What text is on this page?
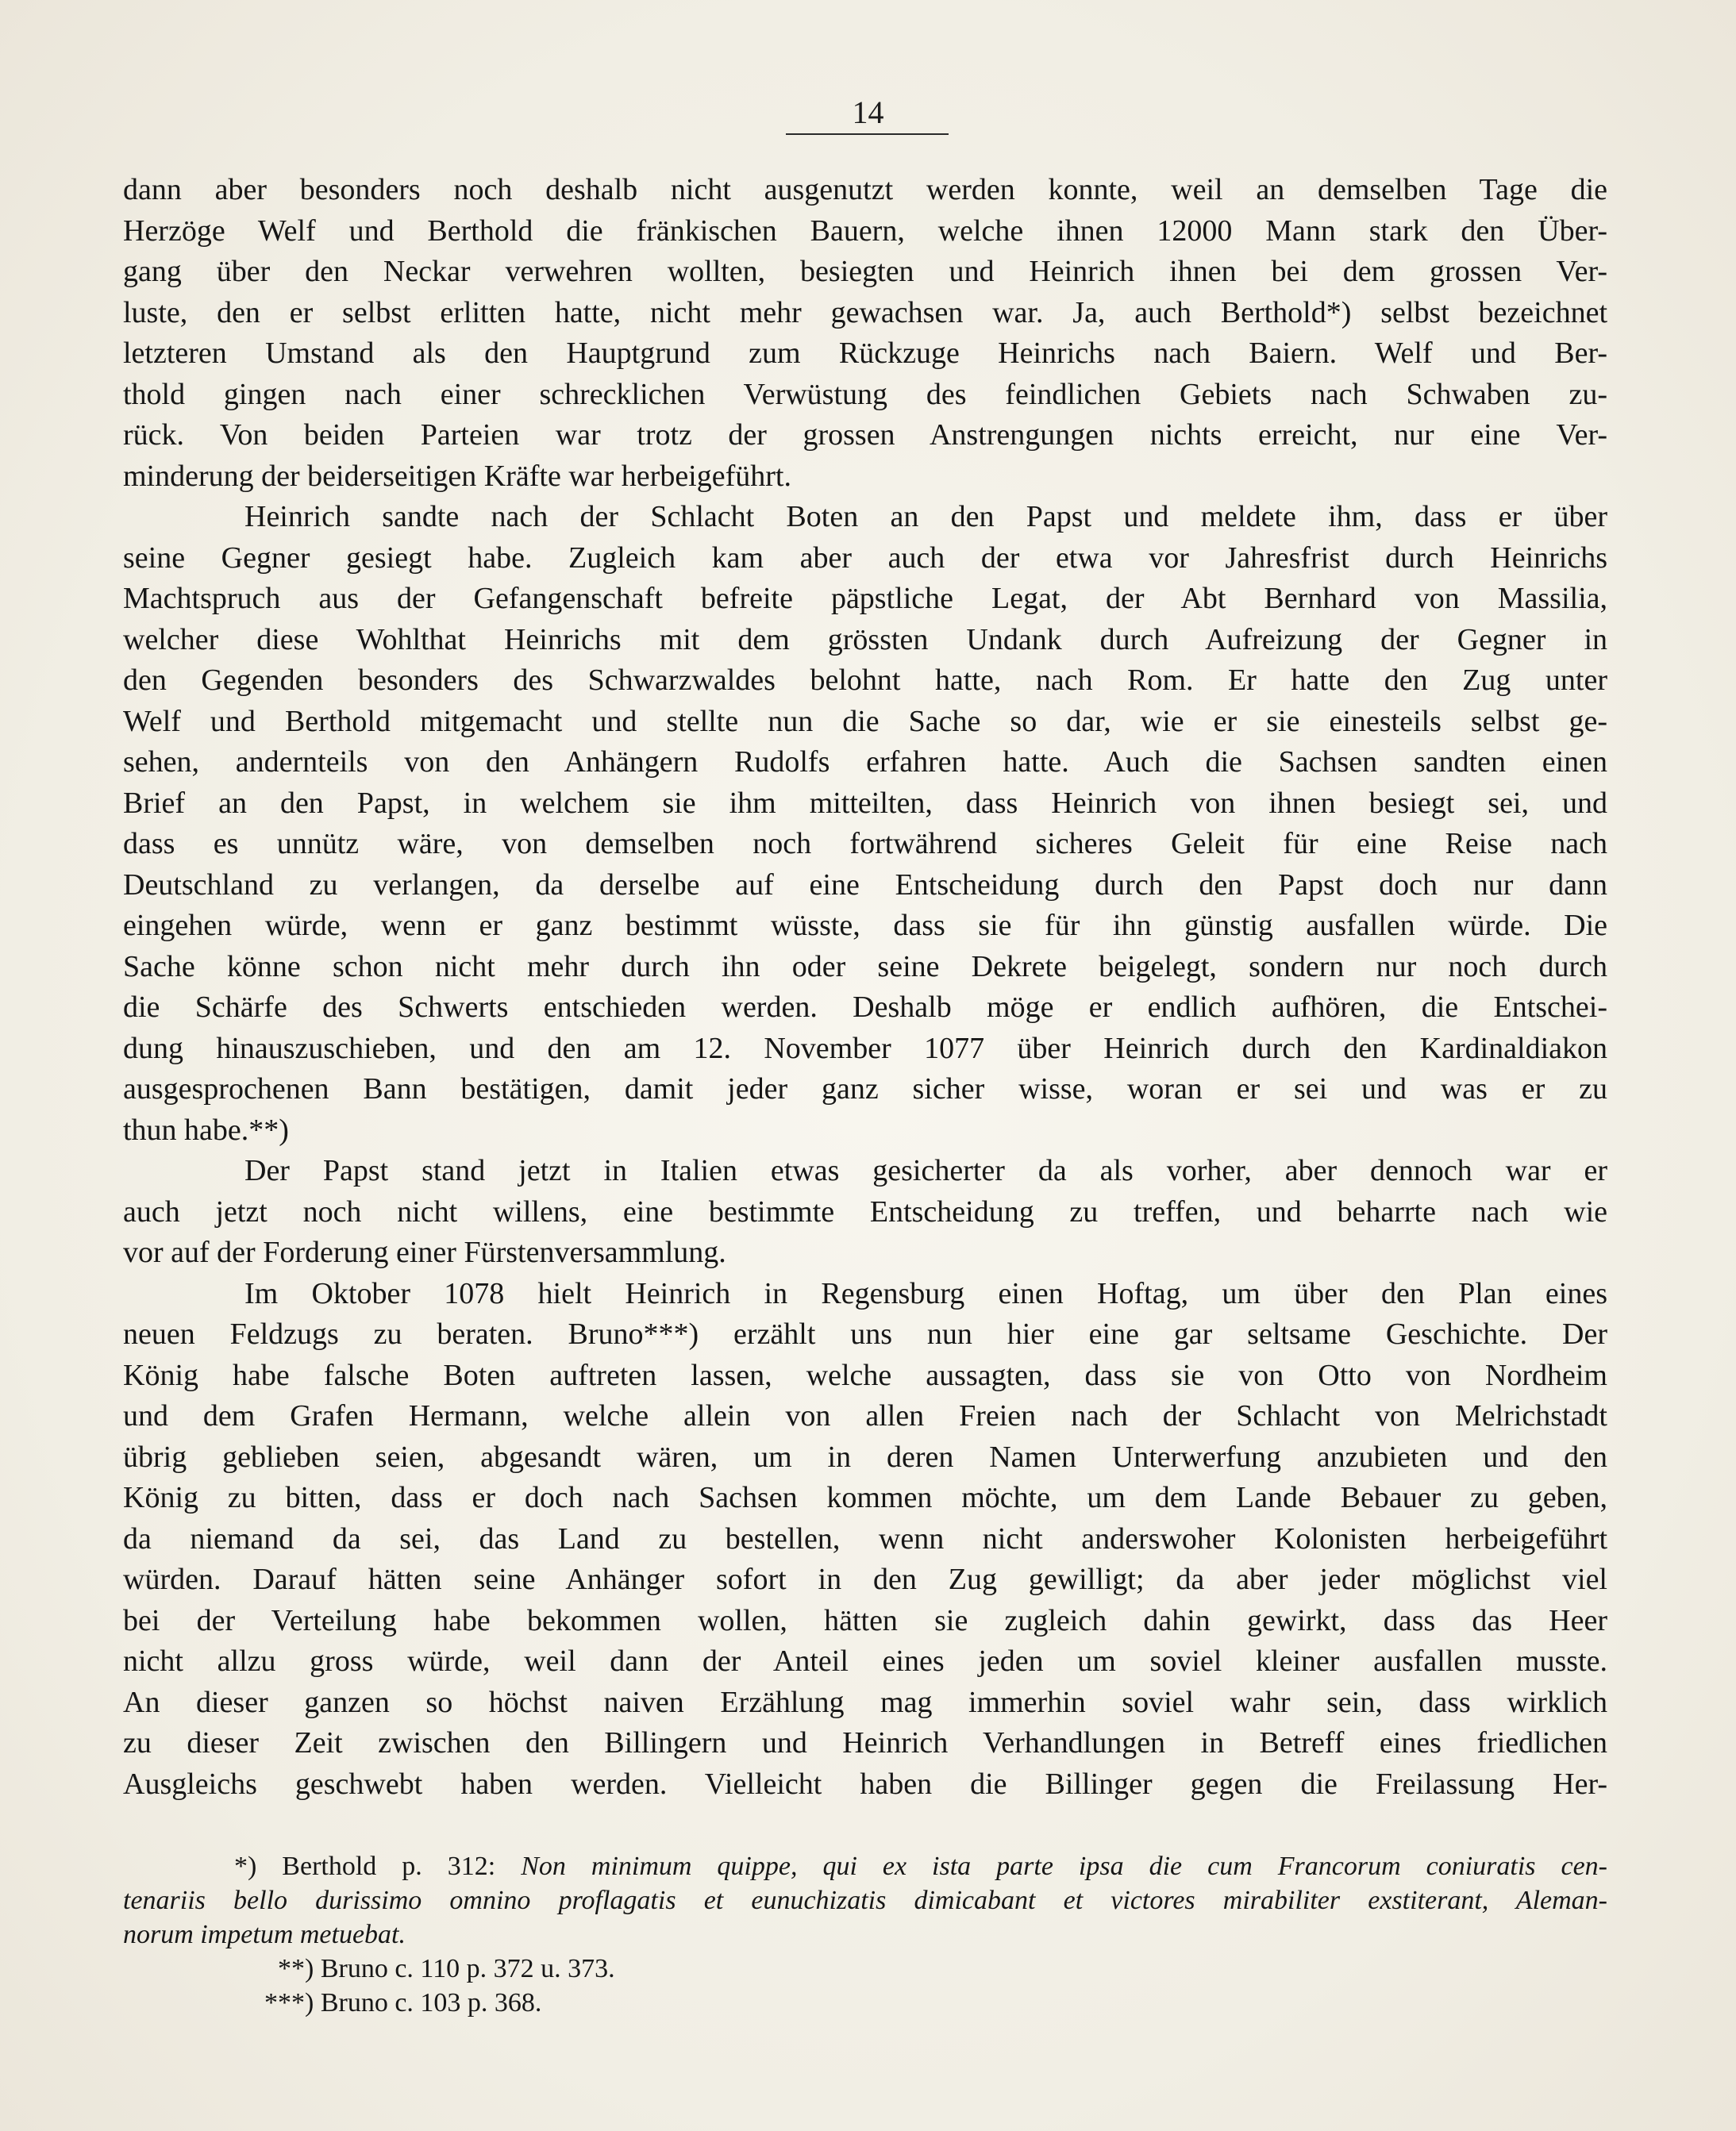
14
dann aber besonders noch deshalb nicht ausgenutzt werden konnte, weil an demselben Tage die
Herzöge Welf und Berthold die fränkischen Bauern, welche ihnen 12000 Mann stark den Über-
gang über den Neckar verwehren wollten, besiegten und Heinrich ihnen bei dem grossen Ver-
luste, den er selbst erlitten hatte, nicht mehr gewachsen war. Ja, auch Berthold*) selbst bezeichnet
letzteren Umstand als den Hauptgrund zum Rückzuge Heinrichs nach Baiern. Welf und Ber-
thold gingen nach einer schrecklichen Verwüstung des feindlichen Gebiets nach Schwaben zu-
rück. Von beiden Parteien war trotz der grossen Anstrengungen nichts erreicht, nur eine Ver-
minderung der beiderseitigen Kräfte war herbeigeführt.
Heinrich sandte nach der Schlacht Boten an den Papst und meldete ihm, dass er über
seine Gegner gesiegt habe. Zugleich kam aber auch der etwa vor Jahresfrist durch Heinrichs
Machtspruch aus der Gefangenschaft befreite päpstliche Legat, der Abt Bernhard von Massilia,
welcher diese Wohlthat Heinrichs mit dem grössten Undank durch Aufreizung der Gegner in
den Gegenden besonders des Schwarzwaldes belohnt hatte, nach Rom. Er hatte den Zug unter
Welf und Berthold mitgemacht und stellte nun die Sache so dar, wie er sie einesteils selbst ge-
sehen, andernteils von den Anhängern Rudolfs erfahren hatte. Auch die Sachsen sandten einen
Brief an den Papst, in welchem sie ihm mitteilten, dass Heinrich von ihnen besiegt sei, und
dass es unnütz wäre, von demselben noch fortwährend sicheres Geleit für eine Reise nach
Deutschland zu verlangen, da derselbe auf eine Entscheidung durch den Papst doch nur dann
eingehen würde, wenn er ganz bestimmt wüsste, dass sie für ihn günstig ausfallen würde. Die
Sache könne schon nicht mehr durch ihn oder seine Dekrete beigelegt, sondern nur noch durch
die Schärfe des Schwerts entschieden werden. Deshalb möge er endlich aufhören, die Entschei-
dung hinauszuschieben, und den am 12. November 1077 über Heinrich durch den Kardinaldiakon
ausgesprochenen Bann bestätigen, damit jeder ganz sicher wisse, woran er sei und was er zu
thun habe.**)
Der Papst stand jetzt in Italien etwas gesicherter da als vorher, aber dennoch war er
auch jetzt noch nicht willens, eine bestimmte Entscheidung zu treffen, und beharrte nach wie
vor auf der Forderung einer Fürstenversammlung.
Im Oktober 1078 hielt Heinrich in Regensburg einen Hoftag, um über den Plan eines
neuen Feldzugs zu beraten. Bruno***) erzählt uns nun hier eine gar seltsame Geschichte. Der
König habe falsche Boten auftreten lassen, welche aussagten, dass sie von Otto von Nordheim
und dem Grafen Hermann, welche allein von allen Freien nach der Schlacht von Melrichstadt
übrig geblieben seien, abgesandt wären, um in deren Namen Unterwerfung anzubieten und den
König zu bitten, dass er doch nach Sachsen kommen möchte, um dem Lande Bebauer zu geben,
da niemand da sei, das Land zu bestellen, wenn nicht anderswoher Kolonisten herbeigeführt
würden. Darauf hätten seine Anhänger sofort in den Zug gewilligt; da aber jeder möglichst viel
bei der Verteilung habe bekommen wollen, hätten sie zugleich dahin gewirkt, dass das Heer
nicht allzu gross würde, weil dann der Anteil eines jeden um soviel kleiner ausfallen musste.
An dieser ganzen so höchst naiven Erzählung mag immerhin soviel wahr sein, dass wirklich
zu dieser Zeit zwischen den Billingern und Heinrich Verhandlungen in Betreff eines friedlichen
Ausgleichs geschwebt haben werden. Vielleicht haben die Billinger gegen die Freilassung Her-
*) Berthold p. 312: Non minimum quippe, qui ex ista parte ipsa die cum Francorum coniuratis cen-
tenariis bello durissimo omnino proflagatis et eunuchizatis dimicabant et victores mirabiliter exstiterant, Aleman-
norum impetum metuebat.
**) Bruno c. 110 p. 372 u. 373.
***) Bruno c. 103 p. 368.
